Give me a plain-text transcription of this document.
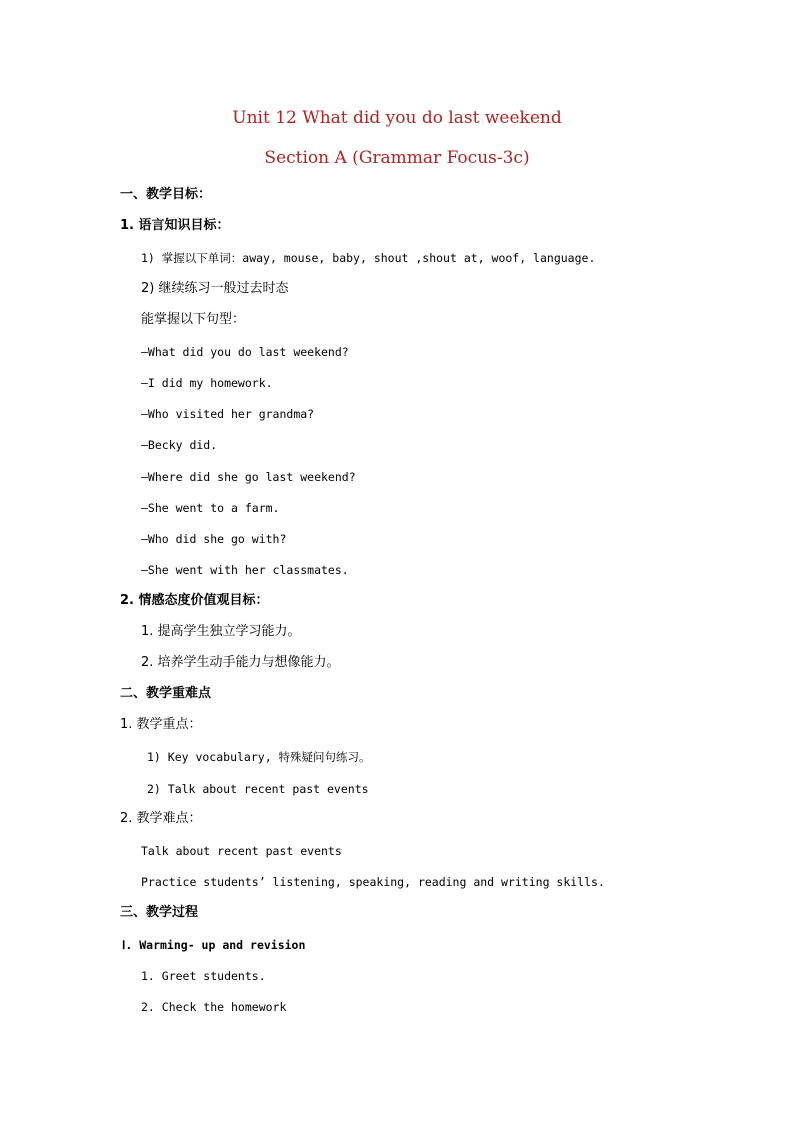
Unit 12 What did you do last weekend
Section A (Grammar Focus-3c)
一、教学目标：
1. 语言知识目标：
1) 掌握以下单词：away, mouse, baby, shout ,shout at, woof, language.
2) 继续练习一般过去时态
能掌握以下句型：
—What did you do last weekend?
—I did my homework.
—Who visited her grandma?
—Becky did.
—Where did she go last weekend?
—She went to a farm.
—Who did she go with?
—She went with her classmates.
2. 情感态度价值观目标：
1. 提高学生独立学习能力。
2. 培养学生动手能力与想像能力。
二、教学重难点
1. 教学重点：
1) Key vocabulary, 特殊疑问句练习。
2) Talk about recent past events
2. 教学难点：
Talk about recent past events
Practice students’ listening, speaking, reading and writing skills.
三、教学过程
Ⅰ. Warming- up and revision
1. Greet students.
2. Check the homework
